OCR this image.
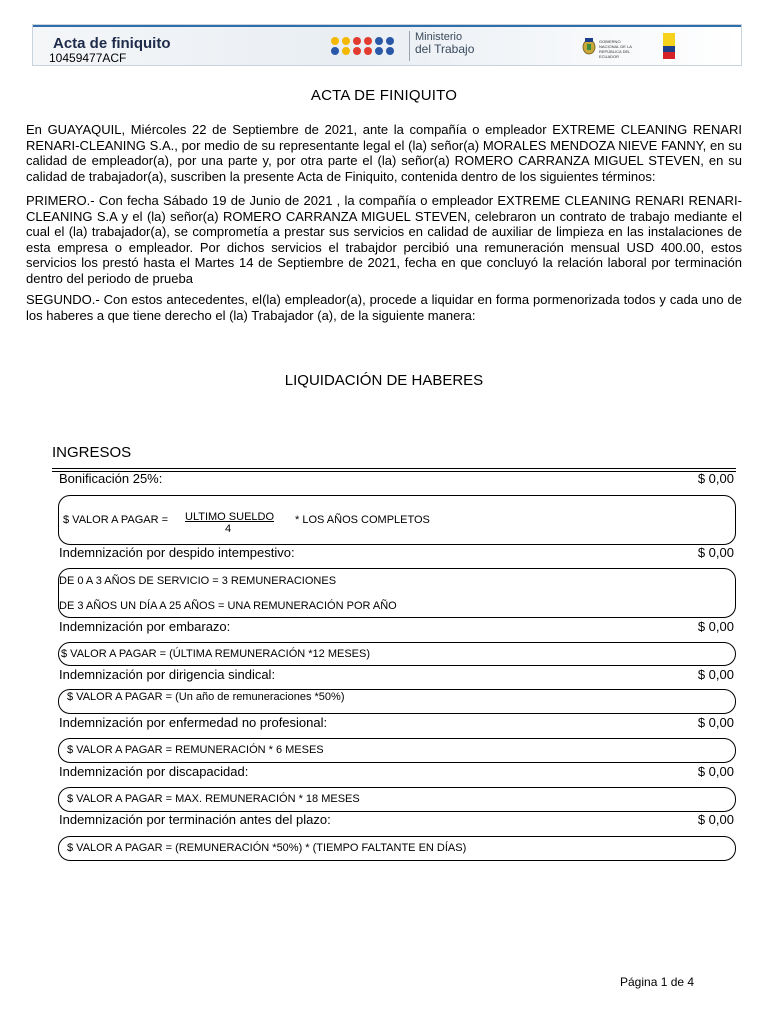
Acta de finiquito
10459477ACF
Ministerio
del Trabajo
GOBIERNO NACIONAL DE LA REPÚBLICA DEL ECUADOR
ACTA DE FINIQUITO

En GUAYAQUIL, Miércoles 22 de Septiembre de 2021, ante la compañía o empleador EXTREME CLEANING RENARI RENARI-CLEANING S.A., por medio de su representante legal el (la) señor(a) MORALES MENDOZA NIEVE FANNY, en su calidad de empleador(a), por una parte y, por otra parte el (la) señor(a) ROMERO CARRANZA MIGUEL STEVEN, en su calidad de trabajador(a), suscriben la presente Acta de Finiquito, contenida dentro de los siguientes términos:

PRIMERO.- Con fecha Sábado 19 de Junio de 2021 , la compañía o empleador EXTREME CLEANING RENARI RENARI-CLEANING S.A y el (la) señor(a) ROMERO CARRANZA MIGUEL STEVEN, celebraron un contrato de trabajo mediante el cual el (la) trabajador(a), se comprometía a prestar sus servicios en calidad de auxiliar de limpieza en las instalaciones de esta empresa o empleador. Por dichos servicios el trabajdor percibió una remuneración mensual USD 400.00, estos servicios los prestó hasta el Martes 14 de Septiembre de 2021, fecha en que concluyó la relación laboral por terminación dentro del periodo de prueba

SEGUNDO.- Con estos antecedentes, el(la) empleador(a), procede a liquidar en forma pormenorizada todos y cada uno de los haberes a que tiene derecho el (la) Trabajador (a), de la siguiente manera:

LIQUIDACIÓN DE HABERES
INGRESOS
Bonificación 25%:	$ 0,00
$ VALOR A PAGAR = ULTIMO SUELDO
4
* LOS AÑOS COMPLETOS
Indemnización por despido intempestivo:	$ 0,00
DE 0 A 3 AÑOS DE SERVICIO = 3 REMUNERACIONES
DE 3 AÑOS UN DÍA A 25 AÑOS = UNA REMUNERACIÓN POR AÑO
Indemnización por embarazo:	$ 0,00
$ VALOR A PAGAR = (ÚLTIMA REMUNERACIÓN *12 MESES)
Indemnización por dirigencia sindical:	$ 0,00
$ VALOR A PAGAR = (Un año de remuneraciones *50%)
Indemnización por enfermedad no profesional:	$ 0,00
$ VALOR A PAGAR = REMUNERACIÓN * 6 MESES
Indemnización por discapacidad:	$ 0,00
$ VALOR A PAGAR = MAX. REMUNERACIÓN * 18 MESES
Indemnización por terminación antes del plazo:	$ 0,00
$ VALOR A PAGAR = (REMUNERACIÓN *50%) * (TIEMPO FALTANTE EN DÍAS)
Página 1 de 4
